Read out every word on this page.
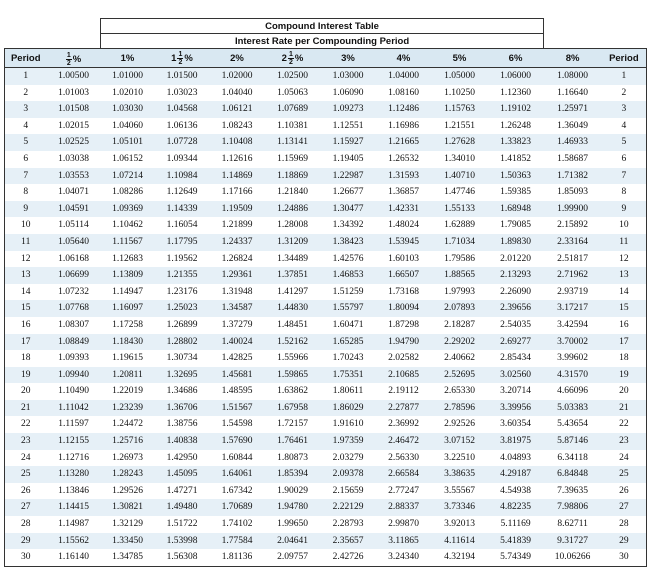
		Compound Interest Table									
		Interest Rate per Compounding Period									
Period	$\frac{1}{2}$ %	1%	$1 \frac{1}{2}$ %	2%	$2 \frac{1}{2}$ %	3%	4%	5%	6%	8%	Period
1	1.00500	1.01000	1.01500	1.02000	1.02500	1.03000	1.04000	1.05000	1.06000	1.08000	1
2	1.01003	1.02010	1.03023	1.04040	1.05063	1.06090	1.08160	1.10250	1.12360	1.16640	2
3	1.01508	1.03030	1.04568	1.06121	1.07689	1.09273	1.12486	1.15763	1.19102	1.25971	3
4	1.02015	1.04060	1.06136	1.08243	1.10381	1.12551	1.16986	1.21551	1.26248	1.36049	4
5	1.02525	1.05101	1.07728	1.10408	1.13141	1.15927	1.21665	1.27628	1.33823	1.46933	5
6	1.03038	1.06152	1.09344	1.12616	1.15969	1.19405	1.26532	1.34010	1.41852	1.58687	6
7	1.03553	1.07214	1.10984	1.14869	1.18869	1.22987	1.31593	1.40710	1.50363	1.71382	7
8	1.04071	1.08286	1.12649	1.17166	1.21840	1.26677	1.36857	1.47746	1.59385	1.85093	8
9	1.04591	1.09369	1.14339	1.19509	1.24886	1.30477	1.42331	1.55133	1.68948	1.99900	9
10	1.05114	1.10462	1.16054	1.21899	1.28008	1.34392	1.48024	1.62889	1.79085	2.15892	10
11	1.05640	1.11567	1.17795	1.24337	1.31209	1.38423	1.53945	1.71034	1.89830	2.33164	11
12	1.06168	1.12683	1.19562	1.26824	1.34489	1.42576	1.60103	1.79586	2.01220	2.51817	12
13	1.06699	1.13809	1.21355	1.29361	1.37851	1.46853	1.66507	1.88565	2.13293	2.71962	13
14	1.07232	1.14947	1.23176	1.31948	1.41297	1.51259	1.73168	1.97993	2.26090	2.93719	14
15	1.07768	1.16097	1.25023	1.34587	1.44830	1.55797	1.80094	2.07893	2.39656	3.17217	15
16	1.08307	1.17258	1.26899	1.37279	1.48451	1.60471	1.87298	2.18287	2.54035	3.42594	16
17	1.08849	1.18430	1.28802	1.40024	1.52162	1.65285	1.94790	2.29202	2.69277	3.70002	17
18	1.09393	1.19615	1.30734	1.42825	1.55966	1.70243	2.02582	2.40662	2.85434	3.99602	18
19	1.09940	1.20811	1.32695	1.45681	1.59865	1.75351	2.10685	2.52695	3.02560	4.31570	19
20	1.10490	1.22019	1.34686	1.48595	1.63862	1.80611	2.19112	2.65330	3.20714	4.66096	20
21	1.11042	1.23239	1.36706	1.51567	1.67958	1.86029	2.27877	2.78596	3.39956	5.03383	21
22	1.11597	1.24472	1.38756	1.54598	1.72157	1.91610	2.36992	2.92526	3.60354	5.43654	22
23	1.12155	1.25716	1.40838	1.57690	1.76461	1.97359	2.46472	3.07152	3.81975	5.87146	23
24	1.12716	1.26973	1.42950	1.60844	1.80873	2.03279	2.56330	3.22510	4.04893	6.34118	24
25	1.13280	1.28243	1.45095	1.64061	1.85394	2.09378	2.66584	3.38635	4.29187	6.84848	25
26	1.13846	1.29526	1.47271	1.67342	1.90029	2.15659	2.77247	3.55567	4.54938	7.39635	26
27	1.14415	1.30821	1.49480	1.70689	1.94780	2.22129	2.88337	3.73346	4.82235	7.98806	27
28	1.14987	1.32129	1.51722	1.74102	1.99650	2.28793	2.99870	3.92013	5.11169	8.62711	28
29	1.15562	1.33450	1.53998	1.77584	2.04641	2.35657	3.11865	4.11614	5.41839	9.31727	29
30	1.16140	1.34785	1.56308	1.81136	2.09757	2.42726	3.24340	4.32194	5.74349	10.06266	30
